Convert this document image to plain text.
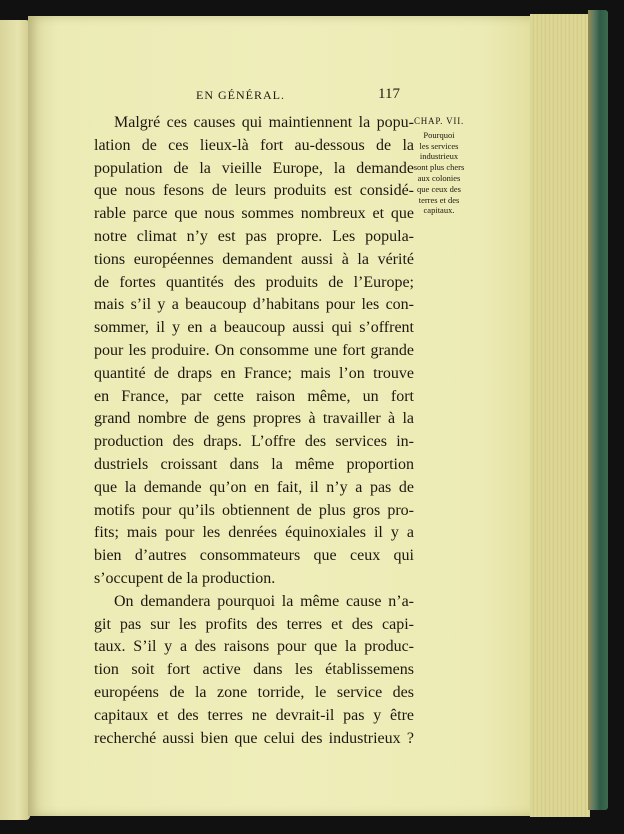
EN GÉNÉRAL.	117
Malgré ces causes qui maintiennent la popu-
lation de ces lieux-là fort au-dessous de la
population de la vieille Europe, la demande
que nous fesons de leurs produits est considé-
rable parce que nous sommes nombreux et que
notre climat n’y est pas propre. Les popula-
tions européennes demandent aussi à la vérité
de fortes quantités des produits de l’Europe;
mais s’il y a beaucoup d’habitans pour les con-
sommer, il y en a beaucoup aussi qui s’offrent
pour les produire. On consomme une fort grande
quantité de draps en France; mais l’on trouve
en France, par cette raison même, un fort
grand nombre de gens propres à travailler à la
production des draps. L’offre des services in-
dustriels croissant dans la même proportion
que la demande qu’on en fait, il n’y a pas de
motifs pour qu’ils obtiennent de plus gros pro-
fits; mais pour les denrées équinoxiales il y a
bien d’autres consommateurs que ceux qui
s’occupent de la production.
On demandera pourquoi la même cause n’a-
git pas sur les profits des terres et des capi-
taux. S’il y a des raisons pour que la produc-
tion soit fort active dans les établissemens
européens de la zone torride, le service des
capitaux et des terres ne devrait-il pas y être
recherché aussi bien que celui des industrieux ?
CHAP. VII.
Pourquoi
les services
industrieux
sont plus chers
aux colonies
que ceux des
terres et des
capitaux.
